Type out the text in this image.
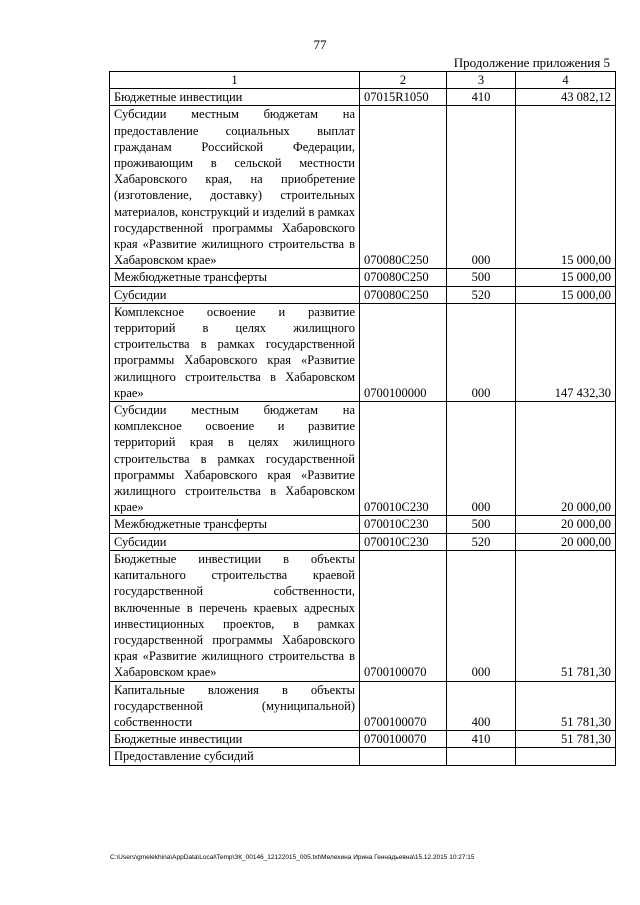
77
Продолжение приложения 5
1	2	3	4
Бюджетные инвестиции	07015R1050	410	43 082,12
Субсидии местным бюджетам на предоставление социальных выплат гражданам Российской Федерации, проживающим в сельской местности Хабаровского края, на приобретение (изготовление, доставку) строительных материалов, конструкций и изделий в рамках государственной программы Хабаровского края «Развитие жилищного строительства в Хабаровском крае»	070080С250	000	15 000,00
Межбюджетные трансферты	070080С250	500	15 000,00
Субсидии	070080С250	520	15 000,00
Комплексное освоение и развитие территорий в целях жилищного строительства в рамках государственной программы Хабаровского края «Развитие жилищного строительства в Хабаровском крае»	0700100000	000	147 432,30
Субсидии местным бюджетам на комплексное освоение и развитие территорий края в целях жилищного строительства в рамках государственной программы Хабаровского края «Развитие жилищного строительства в Хабаровском крае»	070010С230	000	20 000,00
Межбюджетные трансферты	070010С230	500	20 000,00
Субсидии	070010С230	520	20 000,00
Бюджетные инвестиции в объекты капитального строительства краевой государственной собственности, включенные в перечень краевых адресных инвестиционных проектов, в рамках государственной программы Хабаровского края «Развитие жилищного строительства в Хабаровском крае»	0700100070	000	51 781,30
Капитальные вложения в объекты государственной (муниципальной) собственности	0700100070	400	51 781,30
Бюджетные инвестиции	0700100070	410	51 781,30
Предоставление субсидий			
C:\Users\gmelekhina\AppData\Local\Temp\ЗК_00146_12122015_005.txt\Мелехина Ирина Геннадьевна\15.12.2015 10:27:15
